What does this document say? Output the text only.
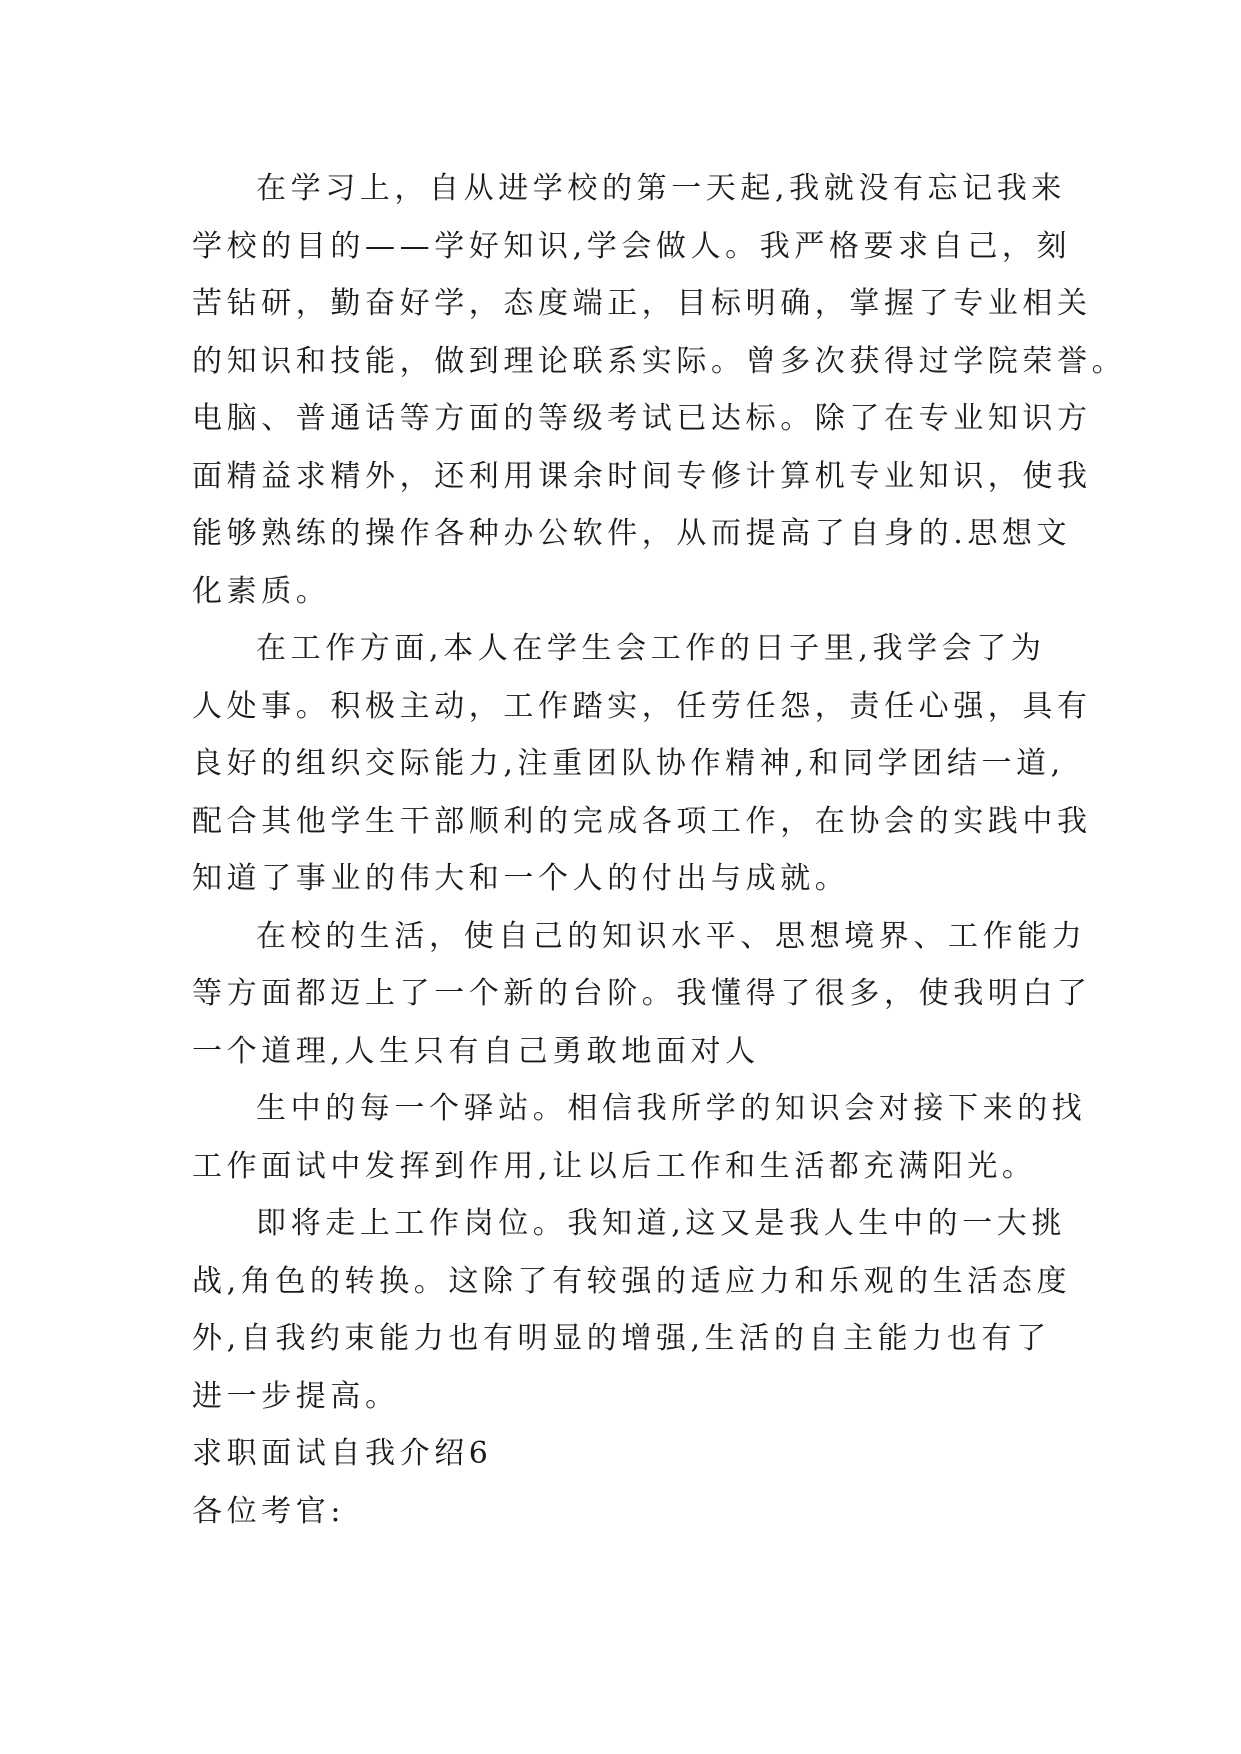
在学习上，自从进学校的第一天起,我就没有忘记我来
学校的目的——学好知识,学会做人。我严格要求自己，刻
苦钻研，勤奋好学，态度端正，目标明确，掌握了专业相关
的知识和技能，做到理论联系实际。曾多次获得过学院荣誉。
电脑、普通话等方面的等级考试已达标。除了在专业知识方
面精益求精外，还利用课余时间专修计算机专业知识，使我
能够熟练的操作各种办公软件，从而提高了自身的.思想文
化素质。
在工作方面,本人在学生会工作的日子里,我学会了为
人处事。积极主动，工作踏实，任劳任怨，责任心强，具有
良好的组织交际能力,注重团队协作精神,和同学团结一道,
配合其他学生干部顺利的完成各项工作，在协会的实践中我
知道了事业的伟大和一个人的付出与成就。
在校的生活，使自己的知识水平、思想境界、工作能力
等方面都迈上了一个新的台阶。我懂得了很多，使我明白了
一个道理,人生只有自己勇敢地面对人
生中的每一个驿站。相信我所学的知识会对接下来的找
工作面试中发挥到作用,让以后工作和生活都充满阳光。
即将走上工作岗位。我知道,这又是我人生中的一大挑
战,角色的转换。这除了有较强的适应力和乐观的生活态度
外,自我约束能力也有明显的增强,生活的自主能力也有了
进一步提高。
求职面试自我介绍6
各位考官:
